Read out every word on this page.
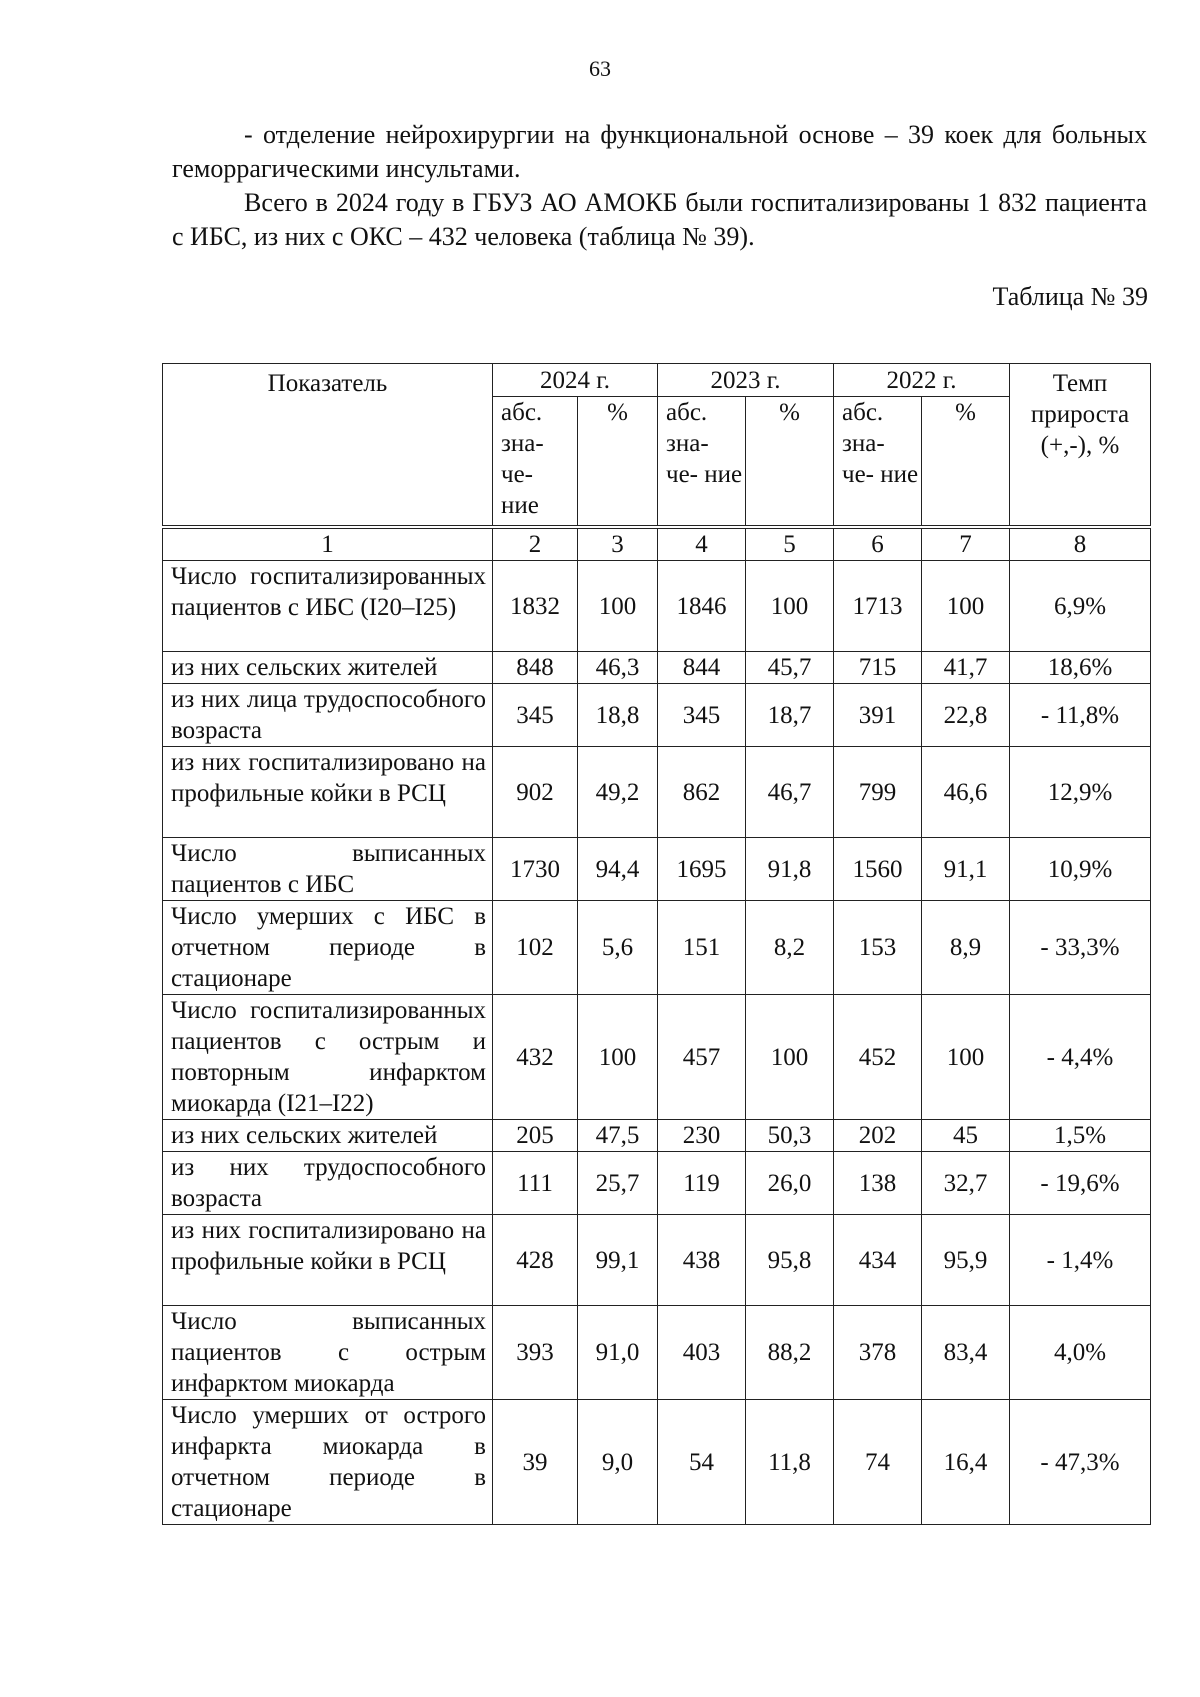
63

- отделение нейрохирургии на функциональной основе – 39 коек для больных геморрагическими инсультами.

Всего в 2024 году в ГБУЗ АО АМОКБ были госпитализированы 1 832 пациента с ИБС, из них с ОКС – 432 человека (таблица № 39).

Таблица № 39
Показатель	2024 г.		2023 г.		2022 г.		Темп прироста (+,-), %
	абс. зна- че- ние	%	абс. зна- че- ние	%	абс. зна- че- ние	%	
1	2	3	4	5	6	7	8
Число госпитализированных пациентов с ИБС (I20–I25)	1832	100	1846	100	1713	100	6,9%
из них сельских жителей	848	46,3	844	45,7	715	41,7	18,6%
из них лица трудоспособного возраста	345	18,8	345	18,7	391	22,8	- 11,8%
из них госпитализировано на профильные койки в РСЦ	902	49,2	862	46,7	799	46,6	12,9%
Число выписанных пациентов с ИБС	1730	94,4	1695	91,8	1560	91,1	10,9%
Число умерших с ИБС в отчетном периоде в стационаре	102	5,6	151	8,2	153	8,9	- 33,3%
Число госпитализированных пациентов с острым и повторным инфарктом миокарда (I21–I22)	432	100	457	100	452	100	- 4,4%
из них сельских жителей	205	47,5	230	50,3	202	45	1,5%
из них трудоспособного возраста	111	25,7	119	26,0	138	32,7	- 19,6%
из них госпитализировано на профильные койки в РСЦ	428	99,1	438	95,8	434	95,9	- 1,4%
Число выписанных пациентов с острым инфарктом миокарда	393	91,0	403	88,2	378	83,4	4,0%
Число умерших от острого инфаркта миокарда в отчетном периоде в стационаре	39	9,0	54	11,8	74	16,4	- 47,3%
